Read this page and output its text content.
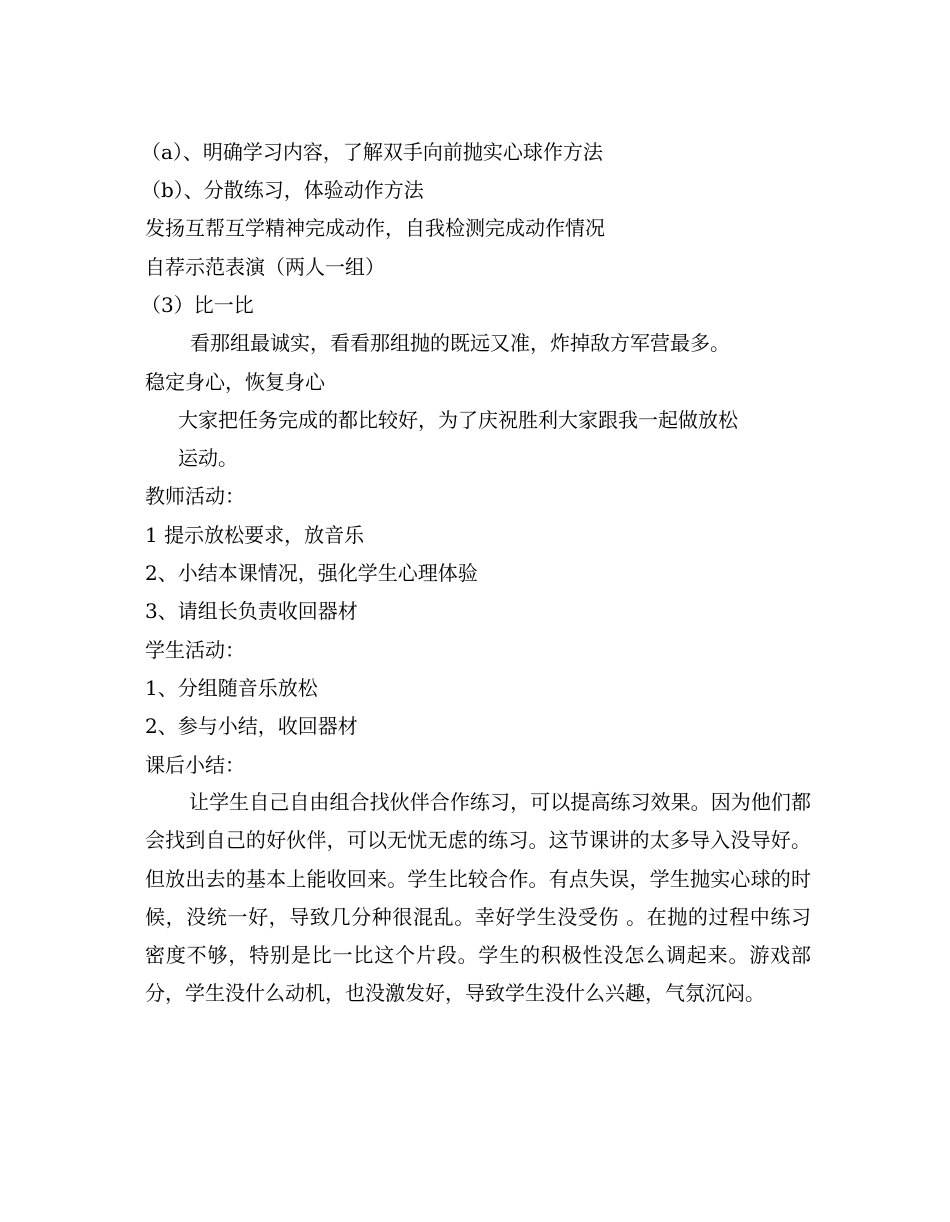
（a）、明确学习内容，了解双手向前抛实心球作方法
（b）、分散练习，体验动作方法
发扬互帮互学精神完成动作，自我检测完成动作情况
自荐示范表演（两人一组）
（3）比一比
看那组最诚实，看看那组抛的既远又准，炸掉敌方军营最多。
稳定身心，恢复身心
大家把任务完成的都比较好，为了庆祝胜利大家跟我一起做放松
运动。
教师活动：
1 提示放松要求，放音乐
2、小结本课情况，强化学生心理体验
3、请组长负责收回器材
学生活动：
1、分组随音乐放松
2、参与小结，收回器材
课后小结：
让学生自己自由组合找伙伴合作练习，可以提高练习效果。因为他们都会找到自己的好伙伴，可以无忧无虑的练习。这节课讲的太多导入没导好。但放出去的基本上能收回来。学生比较合作。有点失误，学生抛实心球的时候，没统一好，导致几分种很混乱。幸好学生没受伤 。在抛的过程中练习密度不够，特别是比一比这个片段。学生的积极性没怎么调起来。游戏部分，学生没什么动机，也没激发好，导致学生没什么兴趣，气氛沉闷。
